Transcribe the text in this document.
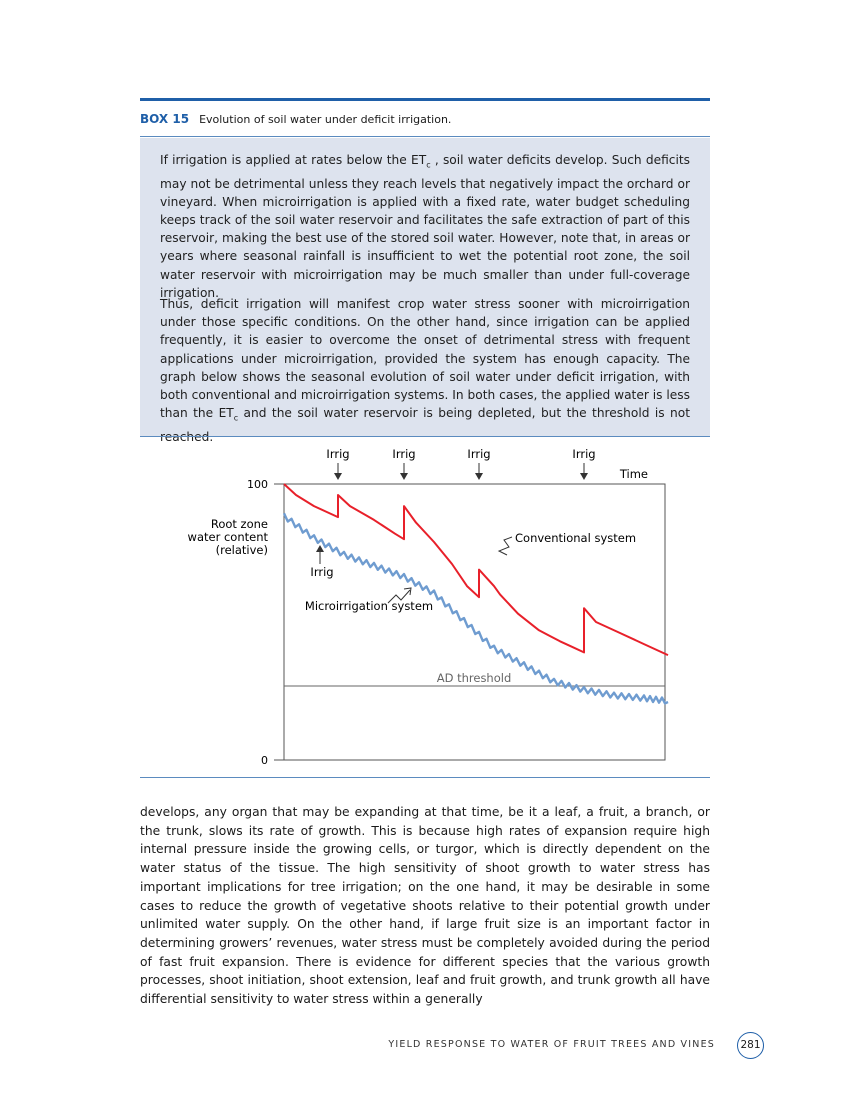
BOX 15 Evolution of soil water under deficit irrigation.

If irrigation is applied at rates below the $ET_c$ , soil water deficits develop. Such deficits may not be detrimental unless they reach levels that negatively impact the orchard or vineyard. When microirrigation is applied with a fixed rate, water budget scheduling keeps track of the soil water reservoir and facilitates the safe extraction of part of this reservoir, making the best use of the stored soil water. However, note that, in areas or years where seasonal rainfall is insufficient to wet the potential root zone, the soil water reservoir with microirrigation may be much smaller than under full-coverage irrigation.

Thus, deficit irrigation will manifest crop water stress sooner with microirrigation under those specific conditions. On the other hand, since irrigation can be applied frequently, it is easier to overcome the onset of detrimental stress with frequent applications under microirrigation, provided the system has enough capacity. The graph below shows the seasonal evolution of soil water under deficit irrigation, with both conventional and microirrigation systems. In both cases, the applied water is less than the $ET_c$ and the soil water reservoir is being depleted, but the threshold is not

100
0
Root zone
water content
(relative)
Time
AD threshold
Irrig	Irrig	Irrig	Irrig
Conventional system
Microirrigation system
Irrig

develops, any organ that may be expanding at that time, be it a leaf, a fruit, a branch, or the trunk, slows its rate of growth. This is because high rates of expansion require high internal pressure inside the growing cells, or turgor, which is directly dependent on the water status of the tissue. The high sensitivity of shoot growth to water stress has important implications for tree irrigation; on the one hand, it may be desirable in some cases to reduce the growth of vegetative shoots relative to their potential growth under unlimited water supply. On the other hand, if large fruit size is an important factor in determining growers’ revenues, water stress must be completely avoided during the period of fast fruit expansion. There is evidence for different species that the various growth processes, shoot initiation, shoot extension, leaf and fruit growth, and trunk growth all have differential sensitivity to water stress within a generally

YIELD RESPONSE TO WATER OF FRUIT TREES AND VINES	281
